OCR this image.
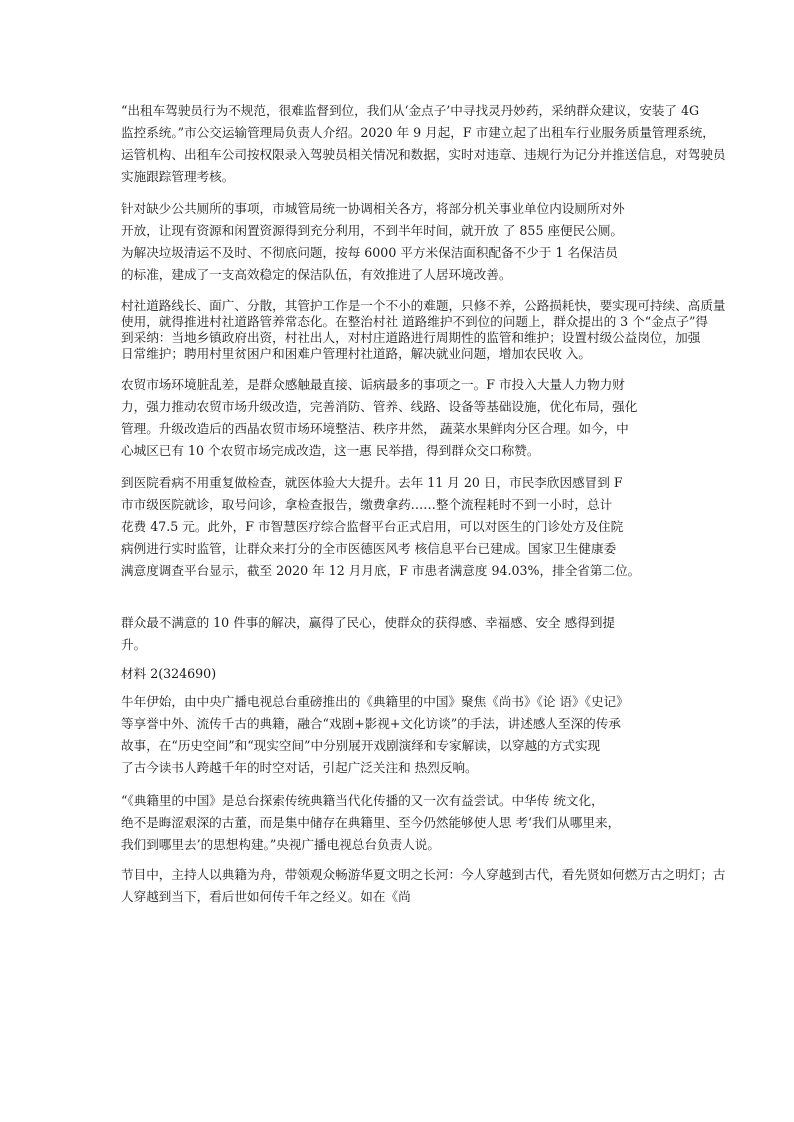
“出租车驾驶员行为不规范，很难监督到位，我们从‘金点子’中寻找灵丹妙药，采纳群众建议，安装了 4G
监控系统。”市公交运输管理局负责人介绍。2020 年 9 月起，F 市建立起了出租车行业服务质量管理系统，
运管机构、出租车公司按权限录入驾驶员相关情况和数据，实时对违章、违规行为记分并推送信息，对驾驶员
实施跟踪管理考核。
针对缺少公共厕所的事项，市城管局统一协调相关各方，将部分机关事业单位内设厕所对外
开放，让现有资源和闲置资源得到充分利用，不到半年时间，就开放 了 855 座便民公厕。
为解决垃圾清运不及时、不彻底问题，按每 6000 平方米保洁面积配备不少于 1 名保洁员
的标准，建成了一支高效稳定的保洁队伍，有效推进了人居环境改善。
村社道路线长、面广、分散，其管护工作是一个不小的难题，只修不养，公路损耗快，要实现可持续、高质量
使用，就得推进村社道路管养常态化。在整治村社 道路维护不到位的问题上，群众提出的 3 个“金点子”得
到采纳：当地乡镇政府出资，村社出人，对村庄道路进行周期性的监管和维护；设置村级公益岗位，加强
日常维护；聘用村里贫困户和困难户管理村社道路，解决就业问题，增加农民收 入。
农贸市场环境脏乱差，是群众感触最直接、诟病最多的事项之一。F 市投入大量人力物力财
力，强力推动农贸市场升级改造，完善消防、管养、线路、设备等基础设施，优化布局，强化
管理。升级改造后的西晶农贸市场环境整洁、秩序井然， 蔬菜水果鲜肉分区合理。如今，中
心城区已有 10 个农贸市场完成改造，这一惠 民举措，得到群众交口称赞。
到医院看病不用重复做检查，就医体验大大提升。去年 11 月 20 日，市民李欣因感冒到 F
市市级医院就诊，取号问诊，拿检查报告，缴费拿药……整个流程耗时不到一小时，总计
花费 47.5 元。此外，F 市智慧医疗综合监督平台正式启用，可以对医生的门诊处方及住院
病例进行实时监管，让群众来打分的全市医德医风考 核信息平台已建成。国家卫生健康委
满意度调查平台显示，截至 2020 年 12 月月底，F 市患者满意度 94.03%，排全省第二位。
群众最不满意的 10 件事的解决，赢得了民心，使群众的获得感、幸福感、安全 感得到提
升。
材料 2(324690)
牛年伊始，由中央广播电视总台重磅推出的《典籍里的中国》聚焦《尚书》《论 语》《史记》
等享誉中外、流传千古的典籍，融合“戏剧+影视+文化访谈”的手法，讲述感人至深的传承
故事，在“历史空间”和“现实空间”中分别展开戏剧演绎和专家解读，以穿越的方式实现
了古今读书人跨越千年的时空对话，引起广泛关注和 热烈反响。
“《典籍里的中国》是总台探索传统典籍当代化传播的又一次有益尝试。中华传 统文化，
绝不是晦涩艰深的古董，而是集中储存在典籍里、至今仍然能够使人思 考‘我们从哪里来，
我们到哪里去’的思想构建。”央视广播电视总台负责人说。
节目中，主持人以典籍为舟，带领观众畅游华夏文明之长河：今人穿越到古代，看先贤如何燃万古之明灯；古
人穿越到当下，看后世如何传千年之经义。如在《尚
